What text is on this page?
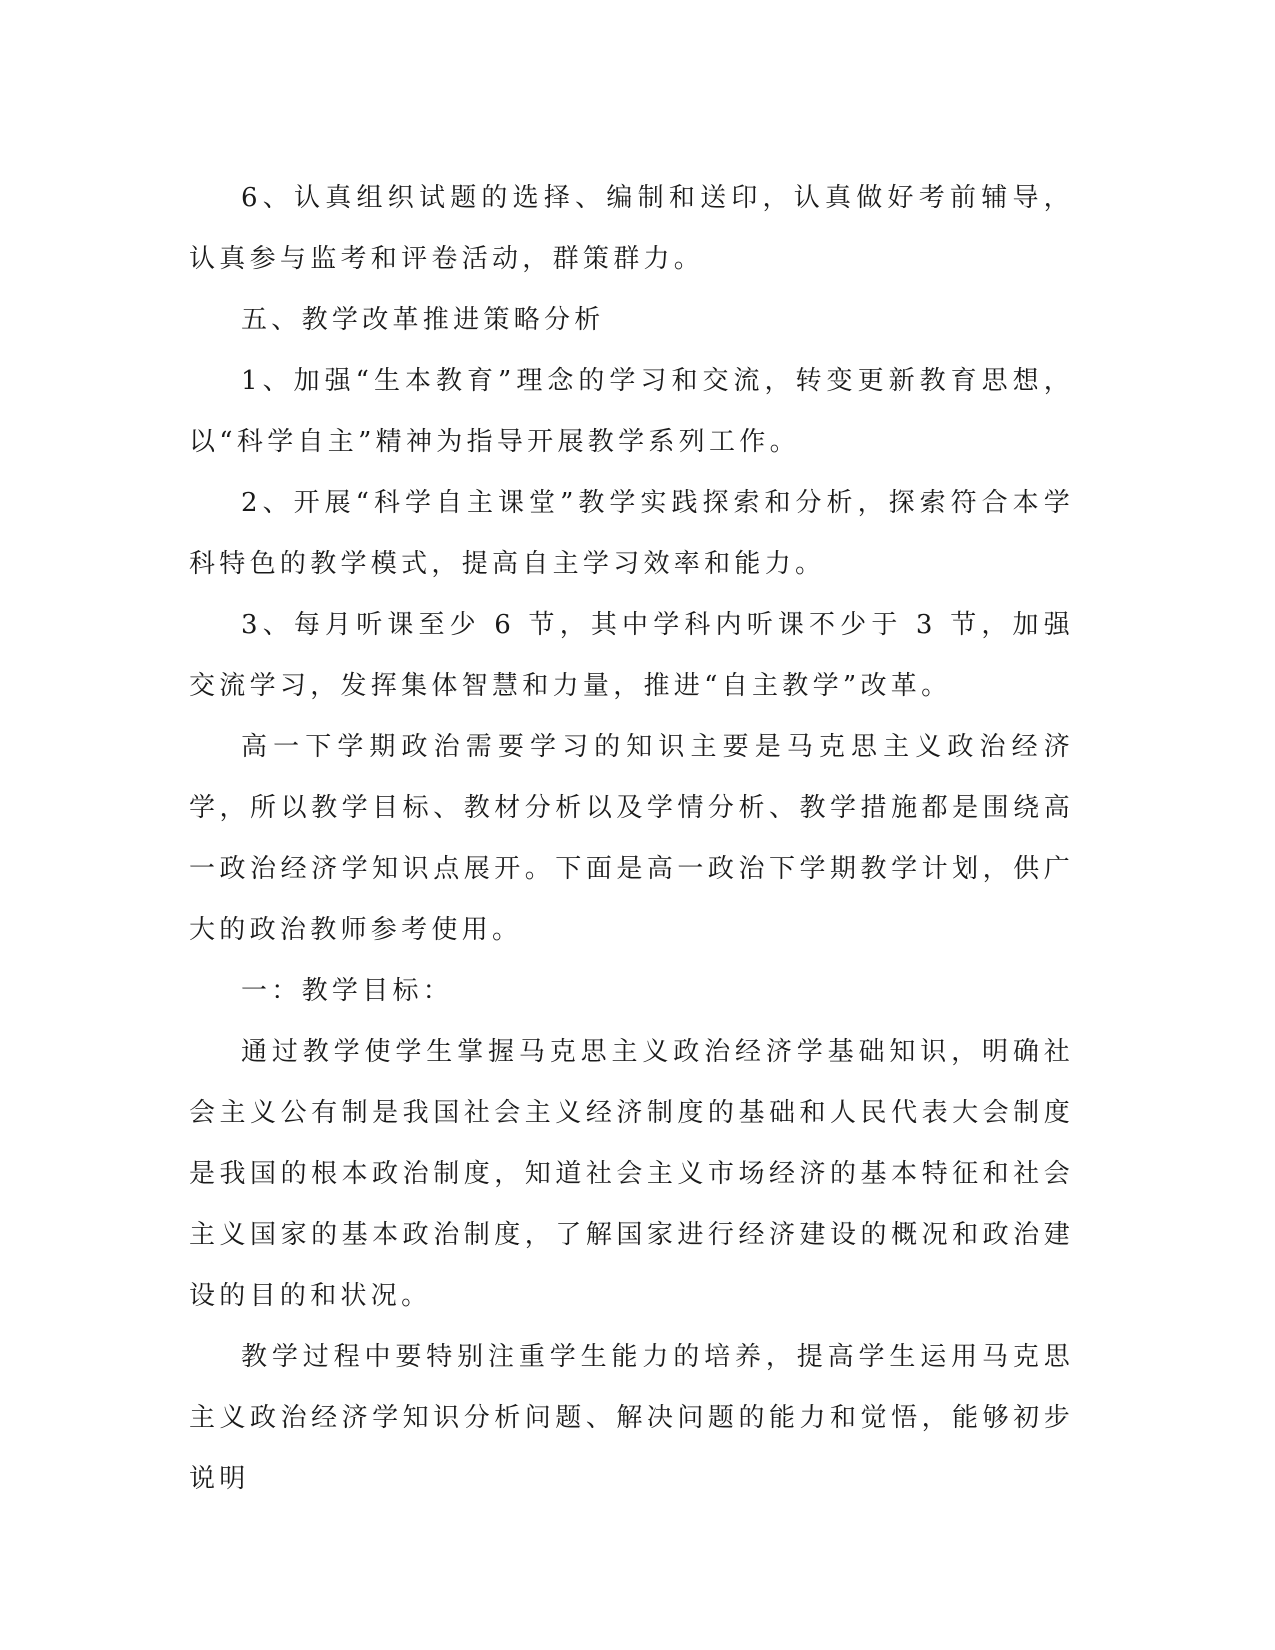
6、认真组织试题的选择、编制和送印，认真做好考前辅导，认真参与监考和评卷活动，群策群力。

五、教学改革推进策略分析

1、加强“生本教育”理念的学习和交流，转变更新教育思想，以“科学自主”精神为指导开展教学系列工作。

2、开展“科学自主课堂”教学实践探索和分析，探索符合本学科特色的教学模式，提高自主学习效率和能力。

3、每月听课至少 6 节，其中学科内听课不少于 3 节，加强交流学习，发挥集体智慧和力量，推进“自主教学”改革。

高一下学期政治需要学习的知识主要是马克思主义政治经济学，所以教学目标、教材分析以及学情分析、教学措施都是围绕高一政治经济学知识点展开。下面是高一政治下学期教学计划，供广大的政治教师参考使用。

一：教学目标：

通过教学使学生掌握马克思主义政治经济学基础知识，明确社会主义公有制是我国社会主义经济制度的基础和人民代表大会制度是我国的根本政治制度，知道社会主义市场经济的基本特征和社会主义国家的基本政治制度，了解国家进行经济建设的概况和政治建设的目的和状况。

教学过程中要特别注重学生能力的培养，提高学生运用马克思主义政治经济学知识分析问题、解决问题的能力和觉悟，能够初步说明
